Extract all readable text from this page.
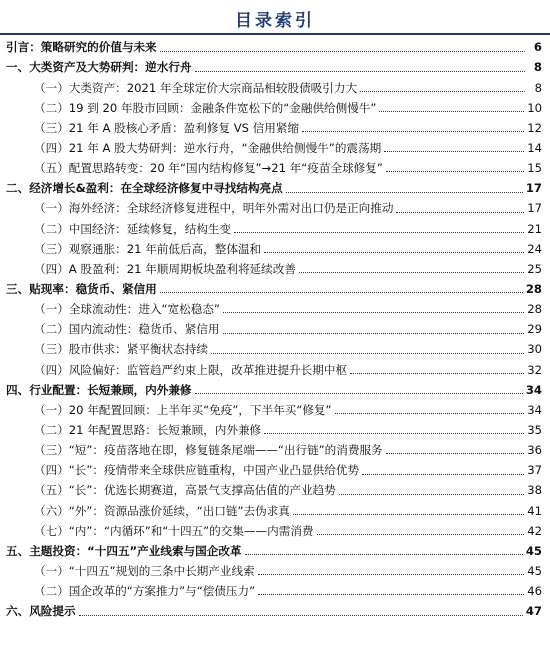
目录索引
引言：策略研究的价值与未来	6
一、大类资产及大势研判：逆水行舟	8
（一）大类资产：2021 年全球定价大宗商品相较股债吸引力大	8
（二）19 到 20 年股市回顾：金融条件宽松下的“金融供给侧慢牛”	10
（三）21 年 A 股核心矛盾：盈利修复 VS 信用紧缩	12
（四）21 年 A 股大势研判：逆水行舟，“金融供给侧慢牛”的震荡期	14
（五）配置思路转变：20 年“国内结构修复”→21 年“疫苗全球修复”	15
二、经济增长&盈利：在全球经济修复中寻找结构亮点	17
（一）海外经济：全球经济修复进程中，明年外需对出口仍是正向推动	17
（二）中国经济：延续修复，结构生变	21
（三）观察通胀：21 年前低后高，整体温和	24
（四）A 股盈利：21 年顺周期板块盈利将延续改善	25
三、贴现率：稳货币、紧信用	28
（一）全球流动性：进入“宽松稳态”	28
（二）国内流动性：稳货币、紧信用	29
（三）股市供求：紧平衡状态持续	30
（四）风险偏好：监管趋严约束上限，改革推进提升长期中枢	32
四、行业配置：长短兼顾，内外兼修	34
（一）20 年配置回顾：上半年买“免疫”，下半年买“修复”	34
（二）21 年配置思路：长短兼顾，内外兼修	35
（三）“短”：疫苗落地在即，修复链条尾端——“出行链”的消费服务	36
（四）“长”：疫情带来全球供应链重构，中国产业凸显供给优势	37
（五）“长”：优选长期赛道，高景气支撑高估值的产业趋势	38
（六）“外”：资源品涨价延续，“出口链”去伪求真	41
（七）“内”：“内循环”和“十四五”的交集——内需消费	42
五、主题投资：“十四五”产业线索与国企改革	45
（一）“十四五”规划的三条中长期产业线索	45
（二）国企改革的“方案推力”与“偿债压力”	46
六、风险提示	47
